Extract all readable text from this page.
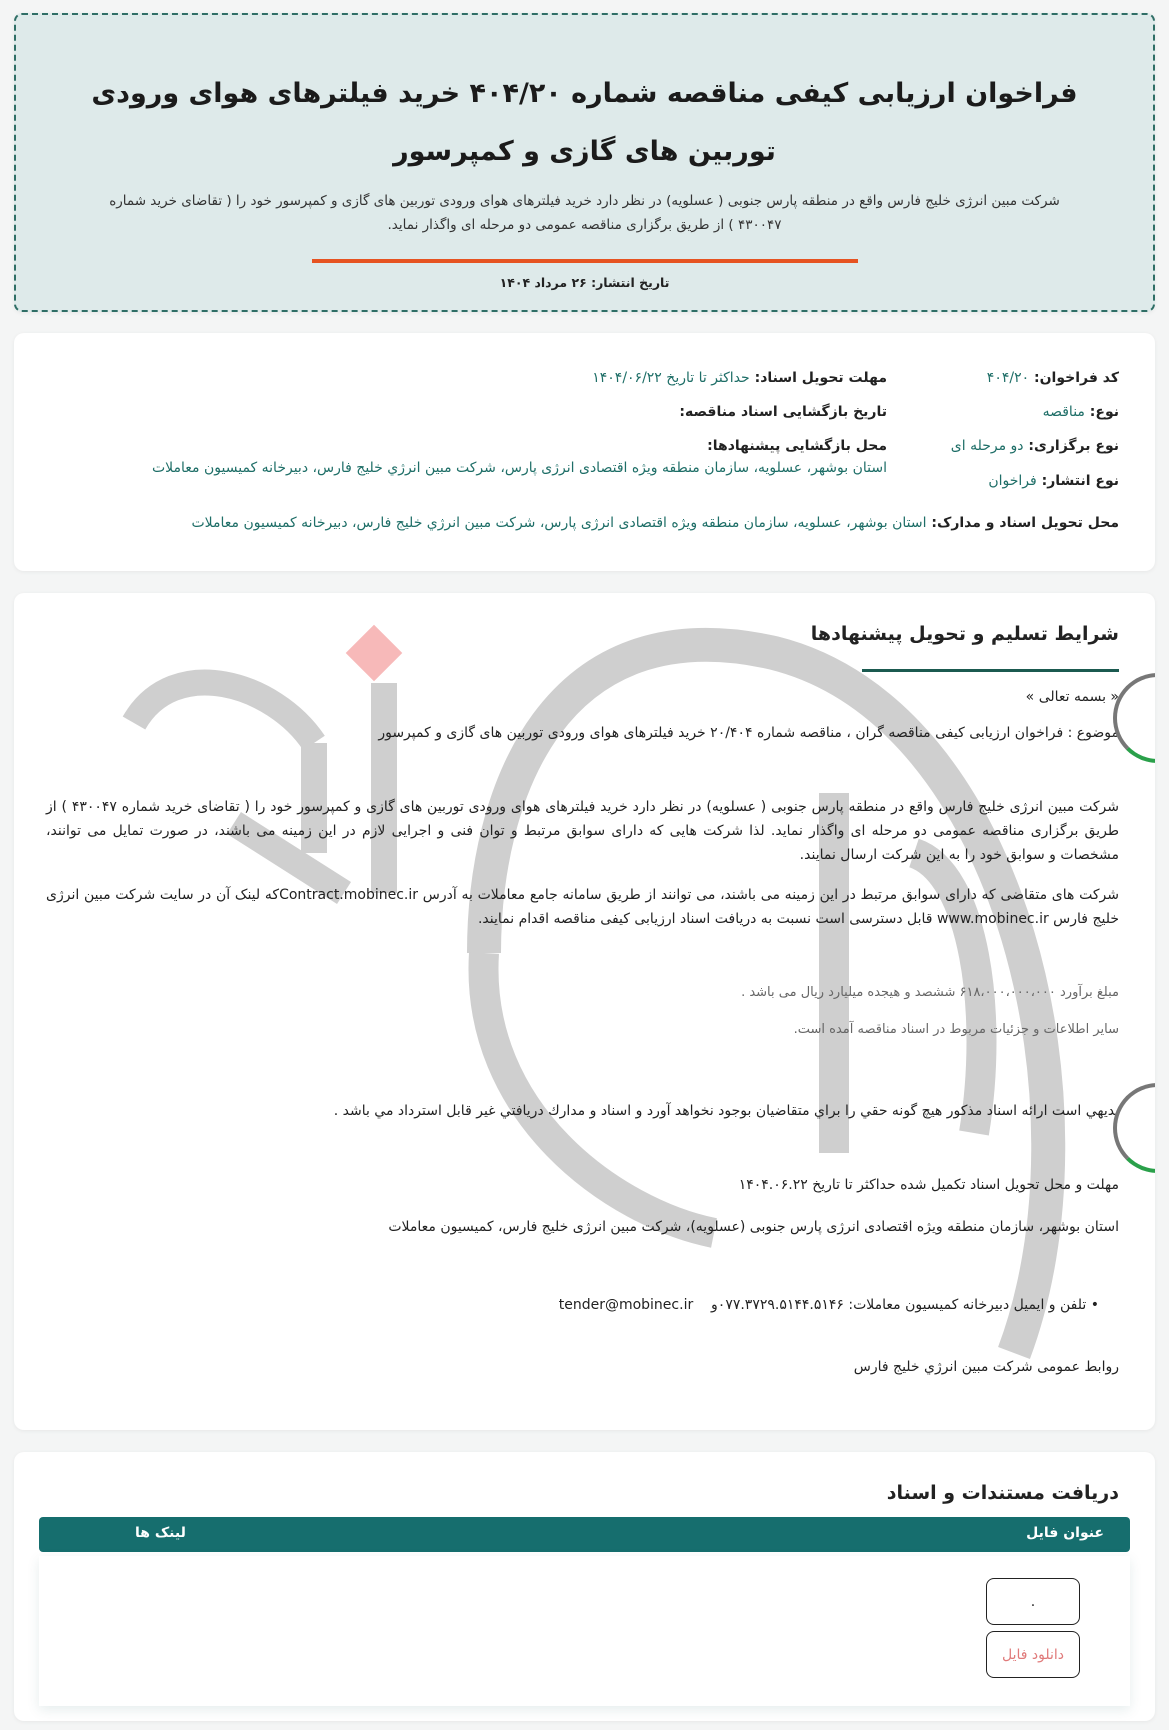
فراخوان ارزیابی کیفی مناقصه شماره ۴۰۴/۲۰ خرید فیلترهای هوای ورودی توربین های گازی و کمپرسور

شرکت مبین انرژی خلیج فارس واقع در منطقه پارس جنوبی ( عسلویه) در نظر دارد خرید فیلترهای هوای ورودی توربین های گازی و کمپرسور خود را ( تقاضای خرید شماره ۴۳۰۰۴۷ ) از طریق برگزاری مناقصه عمومی دو مرحله ای واگذار نماید.

تاریخ انتشار: ۲۶ مرداد ۱۴۰۴
کد فراخوان: ۴۰۴/۲۰
نوع: مناقصه
نوع برگزاری: دو مرحله ای
نوع انتشار: فراخوان
مهلت تحویل اسناد: حداکثر تا تاریخ ۱۴۰۴/۰۶/۲۲
تاریخ بازگشایی اسناد مناقصه:
محل بازگشایی پیشنهادها:
استان بوشهر، عسلویه، سازمان منطقه ویژه اقتصادی انرژی پارس، شرکت مبین انرژي خلیج فارس، دبیرخانه کمیسیون معاملات
محل تحویل اسناد و مدارک: استان بوشهر، عسلویه، سازمان منطقه ویژه اقتصادی انرژی پارس، شرکت مبین انرژي خلیج فارس، دبیرخانه کمیسیون معاملات
شرایط تسلیم و تحویل پیشنهادها
« بسمه تعالی »
موضوع : فراخوان ارزیابی کیفی مناقصه گران ، مناقصه شماره ۲۰/۴۰۴ خرید فیلترهای هوای ورودی توربین های گازی و کمپرسور
شرکت مبین انرژی خلیج فارس واقع در منطقه پارس جنوبی ( عسلویه) در نظر دارد خرید فیلترهای هوای ورودی توربین های گازی و کمپرسور خود را ( تقاضای خرید شماره ۴۳۰۰۴۷ ) از طریق برگزاری مناقصه عمومی دو مرحله ای واگذار نماید. لذا شرکت هایی که دارای سوابق مرتبط و توان فنی و اجرایی لازم در این زمینه می باشند، در صورت تمایل می توانند، مشخصات و سوابق خود را به این شرکت ارسال نمایند.
شرکت های متقاضی که دارای سوابق مرتبط در این زمینه می باشند، می توانند از طریق سامانه جامع معاملات به آدرس Contract.mobinec.irکه لینک آن در سایت شرکت مبین انرژی خلیج فارس www.mobinec.ir قابل دسترسی است نسبت به دریافت اسناد ارزیابی کیفی مناقصه اقدام نمایند.
مبلغ برآورد ۶۱۸،۰۰۰،۰۰۰،۰۰۰ ششصد و هیجده میلیارد ریال می باشد .
سایر اطلاعات و جزئیات مربوط در اسناد مناقصه آمده است.
بديهي است ارائه اسناد مذكور هيچ گونه حقي را براي متقاضيان بوجود نخواهد آورد و اسناد و مدارك دريافتي غير قابل استرداد مي باشد .
مهلت و محل تحویل اسناد تکمیل شده حداکثر تا تاریخ ۱۴۰۴.۰۶.۲۲
استان بوشهر، سازمان منطقه ویژه اقتصادی انرژی پارس جنوبی (عسلویه)، شرکت مبین انرژی خلیج فارس، کمیسیون معاملات
• تلفن و ایمیل دبیرخانه کمیسیون معاملات: ۰۷۷.۳۷۲۹.۵۱۴۴.۵۱۴۶و    tender@mobinec.ir
روابط عمومی شرکت مبین انرژي خلیج فارس
دریافت مستندات و اسناد
عنوان فایل
لینک ها
.
دانلود فایل
